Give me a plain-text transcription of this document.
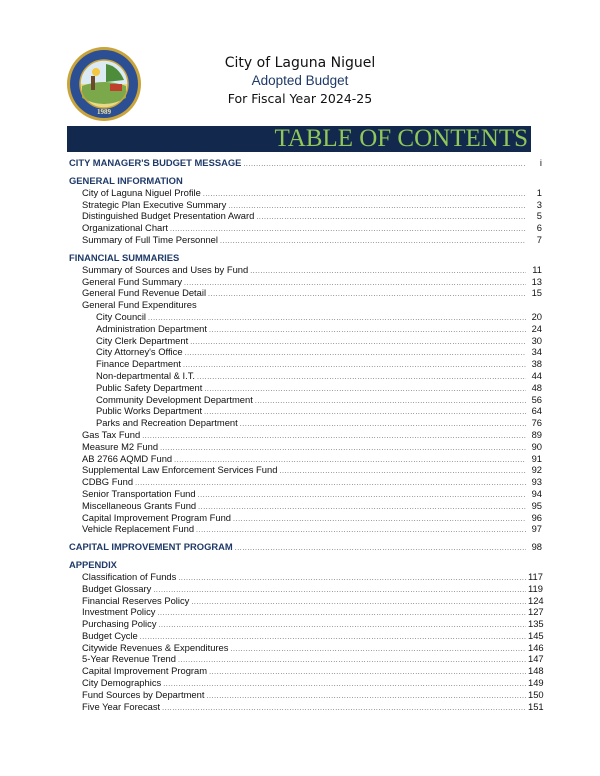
1989
City of Laguna Niguel
Adopted Budget
For Fiscal Year 2024-25
TABLE OF CONTENTS
CITY MANAGER'S BUDGET MESSAGE .....	i
GENERAL INFORMATION
City of Laguna Niguel Profile .....	1
Strategic Plan Executive Summary .....	3
Distinguished Budget Presentation Award .....	5
Organizational Chart .....	6
Summary of Full Time Personnel .....	7
FINANCIAL SUMMARIES
Summary of Sources and Uses by Fund .....	11
General Fund Summary .....	13
General Fund Revenue Detail .....	15
General Fund Expenditures
City Council .....	20
Administration Department .....	24
City Clerk Department .....	30
City Attorney's Office .....	34
Finance Department .....	38
Non-departmental & I.T. .....	44
Public Safety Department .....	48
Community Development Department .....	56
Public Works Department .....	64
Parks and Recreation Department .....	76
Gas Tax Fund .....	89
Measure M2 Fund .....	90
AB 2766 AQMD Fund .....	91
Supplemental Law Enforcement Services Fund .....	92
CDBG Fund .....	93
Senior Transportation Fund .....	94
Miscellaneous Grants Fund .....	95
Capital Improvement Program Fund .....	96
Vehicle Replacement Fund .....	97
CAPITAL IMPROVEMENT PROGRAM .....	98
APPENDIX
Classification of Funds .....	117
Budget Glossary .....	119
Financial Reserves Policy .....	124
Investment Policy .....	127
Purchasing Policy .....	135
Budget Cycle .....	145
Citywide Revenues & Expenditures .....	146
5-Year Revenue Trend .....	147
Capital Improvement Program .....	148
City Demographics .....	149
Fund Sources by Department .....	150
Five Year Forecast .....	151
